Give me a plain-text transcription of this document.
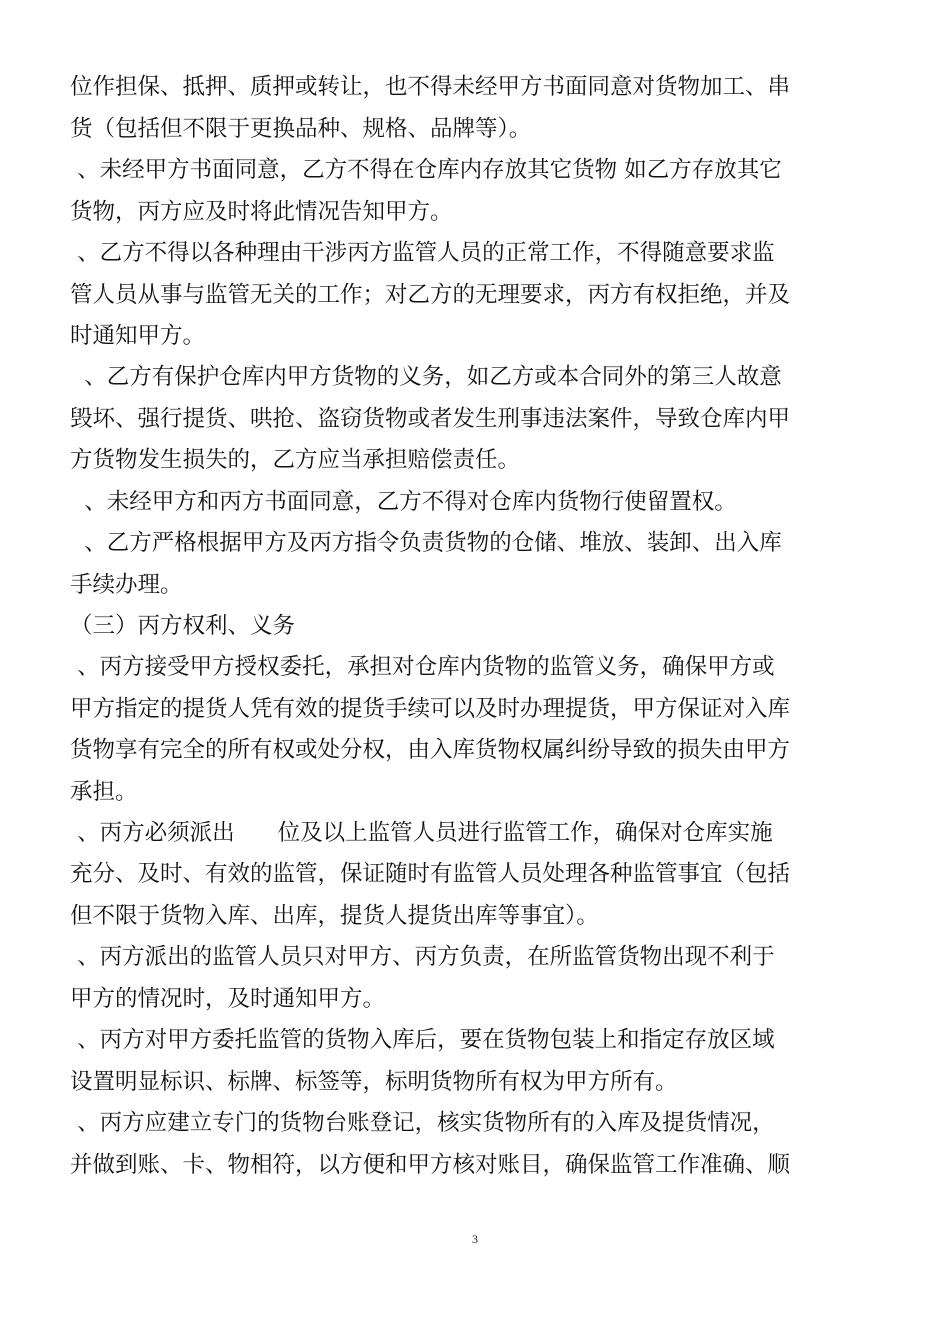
位作担保、抵押、质押或转让，也不得未经甲方书面同意对货物加工、串
货（包括但不限于更换品种、规格、品牌等）。
、未经甲方书面同意，乙方不得在仓库内存放其它货物 如乙方存放其它
货物，丙方应及时将此情况告知甲方。
、乙方不得以各种理由干涉丙方监管人员的正常工作，不得随意要求监
管人员从事与监管无关的工作；对乙方的无理要求，丙方有权拒绝，并及
时通知甲方。
、乙方有保护仓库内甲方货物的义务，如乙方或本合同外的第三人故意
毁坏、强行提货、哄抢、盗窃货物或者发生刑事违法案件，导致仓库内甲
方货物发生损失的，乙方应当承担赔偿责任。
、未经甲方和丙方书面同意，乙方不得对仓库内货物行使留置权。
、乙方严格根据甲方及丙方指令负责货物的仓储、堆放、装卸、出入库
手续办理。
（三）丙方权利、义务
、丙方接受甲方授权委托，承担对仓库内货物的监管义务，确保甲方或
甲方指定的提货人凭有效的提货手续可以及时办理提货，甲方保证对入库
货物享有完全的所有权或处分权，由入库货物权属纠纷导致的损失由甲方
承担。
、丙方必须派出      位及以上监管人员进行监管工作，确保对仓库实施
充分、及时、有效的监管，保证随时有监管人员处理各种监管事宜（包括
但不限于货物入库、出库，提货人提货出库等事宜）。
、丙方派出的监管人员只对甲方、丙方负责，在所监管货物出现不利于
甲方的情况时，及时通知甲方。
、丙方对甲方委托监管的货物入库后，要在货物包装上和指定存放区域
设置明显标识、标牌、标签等，标明货物所有权为甲方所有。
、丙方应建立专门的货物台账登记，核实货物所有的入库及提货情况，
并做到账、卡、物相符，以方便和甲方核对账目，确保监管工作准确、顺
3
